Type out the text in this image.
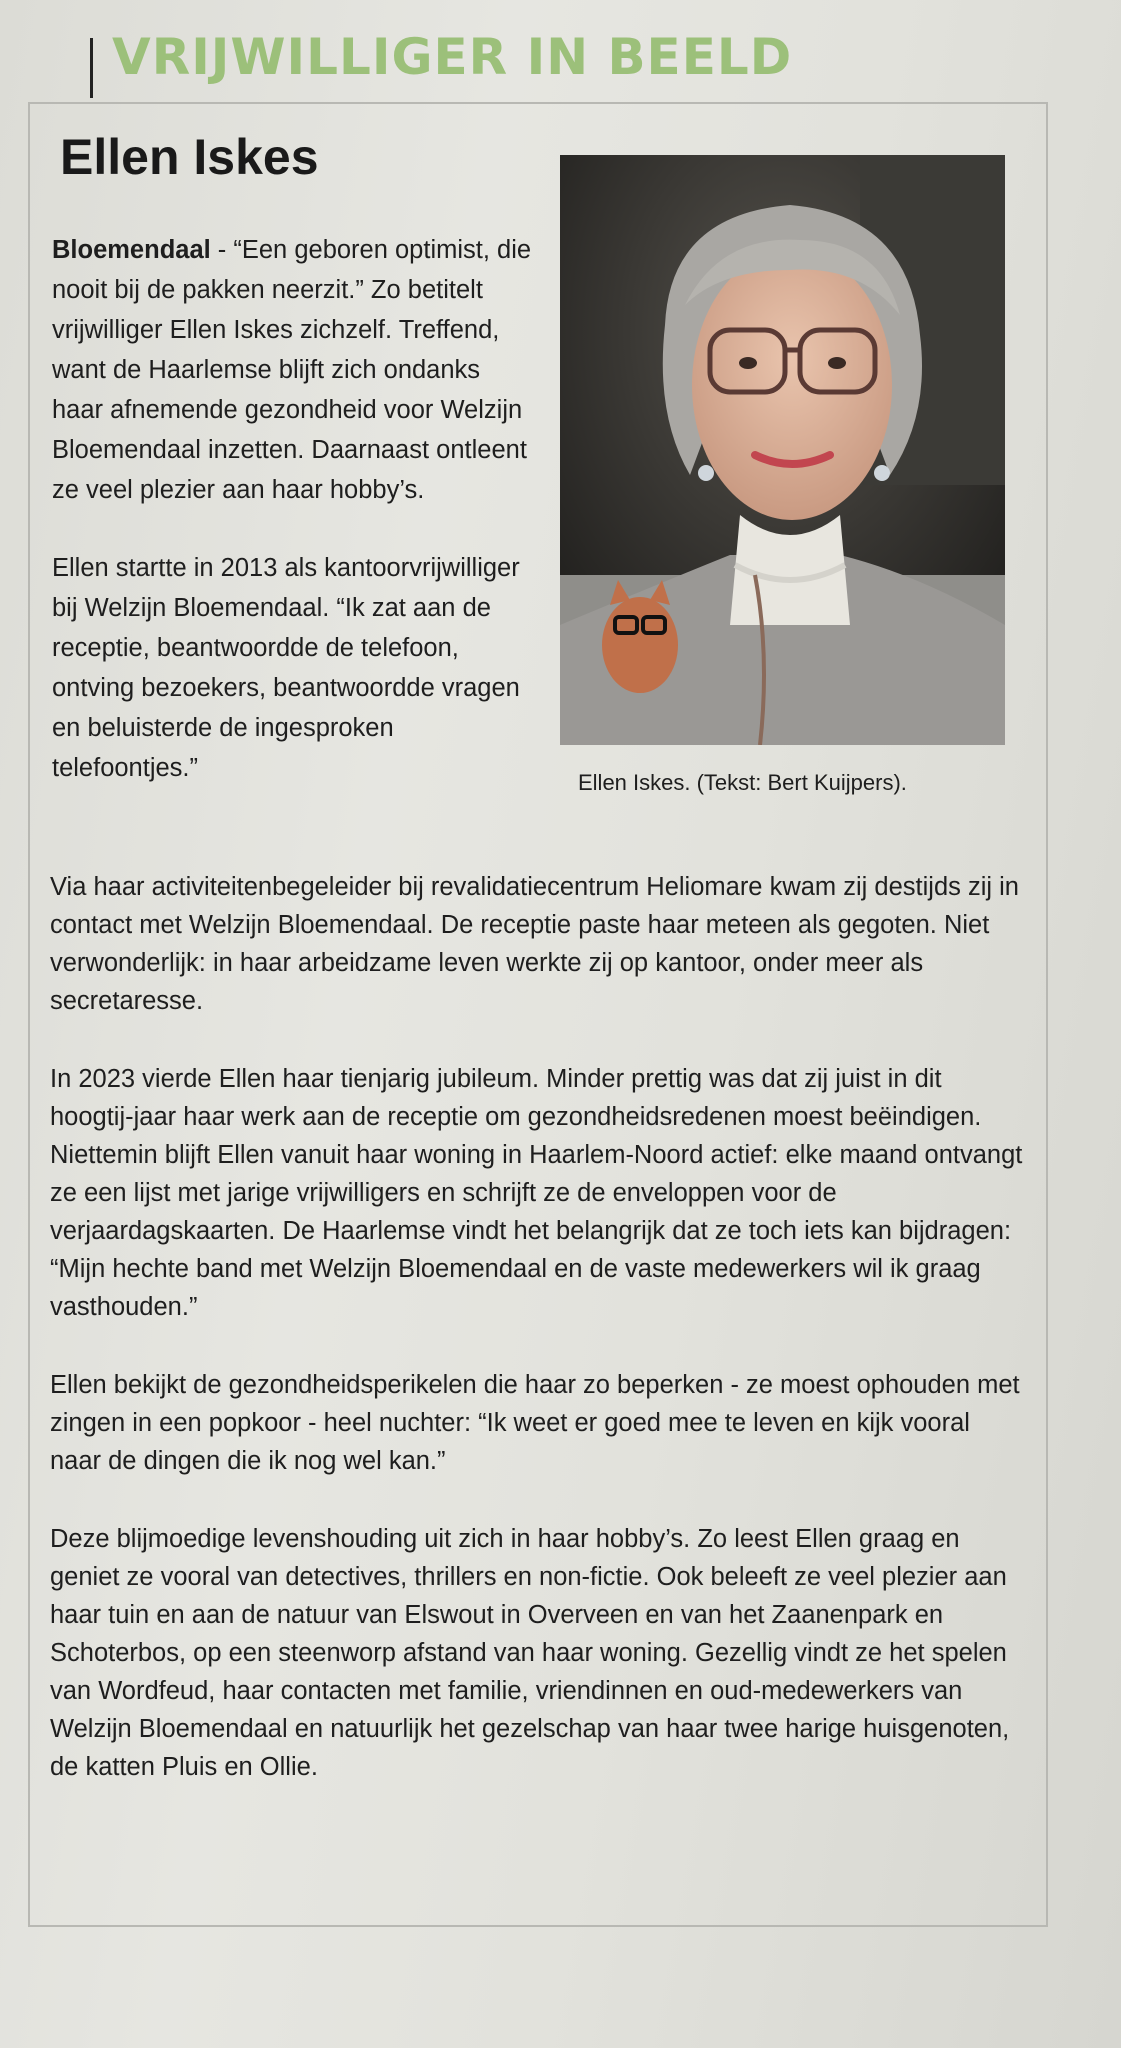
VRIJWILLIGER IN BEELD
Ellen Iskes

Bloemendaal - “Een geboren optimist, die nooit bij de pakken neerzit.” Zo betitelt vrijwilliger Ellen Iskes zichzelf. Treffend, want de Haarlemse blijft zich ondanks haar afnemende gezondheid voor Welzijn Bloemendaal inzetten. Daarnaast ontleent ze veel plezier aan haar hobby’s.

Ellen startte in 2013 als kantoorvrijwilliger bij Welzijn Bloemendaal. “Ik zat aan de receptie, beantwoordde de telefoon, ontving bezoekers, beantwoordde vragen en beluisterde de ingesproken telefoontjes.”

Ellen Iskes. (Tekst: Bert Kuijpers).

Via haar activiteitenbegeleider bij revalidatiecentrum Heliomare kwam zij destijds zij in contact met Welzijn Bloemendaal. De receptie paste haar meteen als gegoten. Niet verwonderlijk: in haar arbeidzame leven werkte zij op kantoor, onder meer als secretaresse.

In 2023 vierde Ellen haar tienjarig jubileum. Minder prettig was dat zij juist in dit hoogtij-jaar haar werk aan de receptie om gezondheidsredenen moest beëindigen. Niettemin blijft Ellen vanuit haar woning in Haarlem-Noord actief: elke maand ontvangt ze een lijst met jarige vrijwilligers en schrijft ze de enveloppen voor de verjaardagskaarten. De Haarlemse vindt het belangrijk dat ze toch iets kan bijdragen: “Mijn hechte band met Welzijn Bloemendaal en de vaste medewerkers wil ik graag vasthouden.”

Ellen bekijkt de gezondheidsperikelen die haar zo beperken - ze moest ophouden met zingen in een popkoor - heel nuchter: “Ik weet er goed mee te leven en kijk vooral naar de dingen die ik nog wel kan.”

Deze blijmoedige levenshouding uit zich in haar hobby’s. Zo leest Ellen graag en geniet ze vooral van detectives, thrillers en non-fictie. Ook beleeft ze veel plezier aan haar tuin en aan de natuur van Elswout in Overveen en van het Zaanenpark en Schoterbos, op een steenworp afstand van haar woning. Gezellig vindt ze het spelen van Wordfeud, haar contacten met familie, vriendinnen en oud-medewerkers van Welzijn Bloemendaal en natuurlijk het gezelschap van haar twee harige huisgenoten, de katten Pluis en Ollie.
